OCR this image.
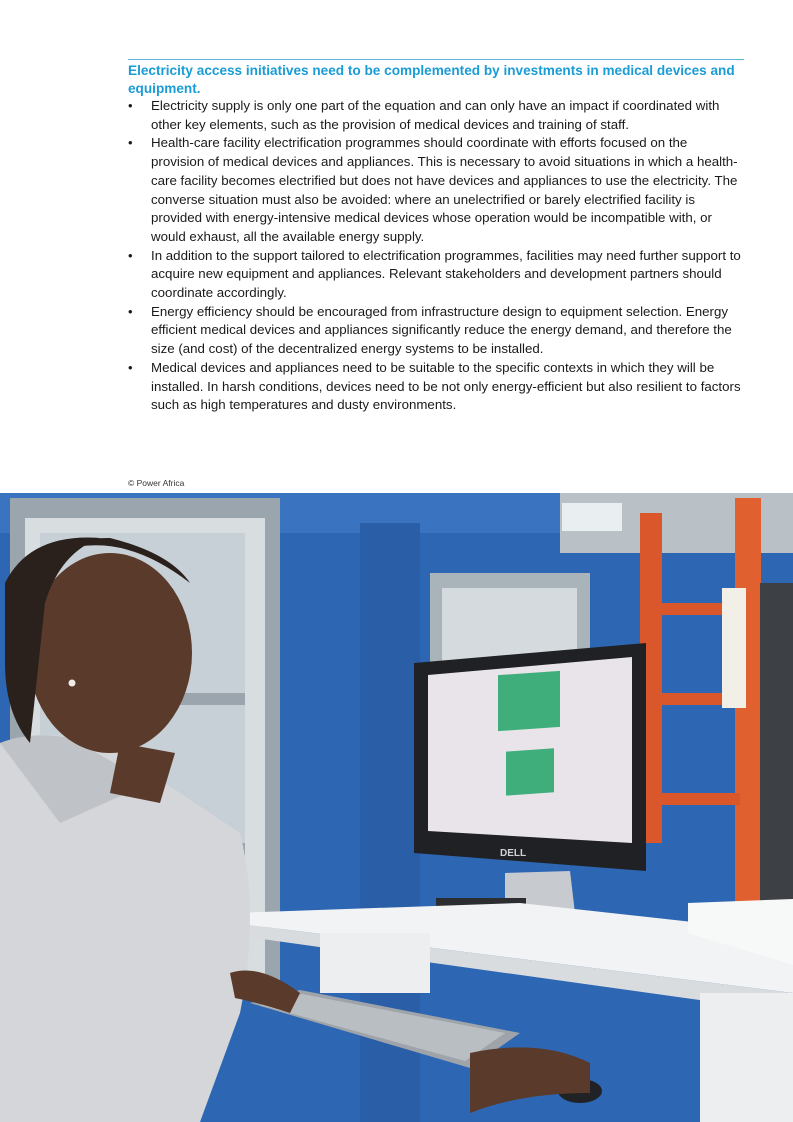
Electricity access initiatives need to be complemented by investments in medical devices and equipment.
• Electricity supply is only one part of the equation and can only have an impact if coordinated with other key elements, such as the provision of medical devices and training of staff.
• Health-care facility electrification programmes should coordinate with efforts focused on the provision of medical devices and appliances. This is necessary to avoid situations in which a health-care facility becomes electrified but does not have devices and appliances to use the electricity. The converse situation must also be avoided: where an unelectrified or barely electrified facility is provided with energy-intensive medical devices whose operation would be incompatible with, or would exhaust, all the available energy supply.
• In addition to the support tailored to electrification programmes, facilities may need further support to acquire new equipment and appliances. Relevant stakeholders and development partners should coordinate accordingly.
• Energy efficiency should be encouraged from infrastructure design to equipment selection. Energy efficient medical devices and appliances significantly reduce the energy demand, and therefore the size (and cost) of the decentralized energy systems to be installed.
• Medical devices and appliances need to be suitable to the specific contexts in which they will be installed. In harsh conditions, devices need to be not only energy-efficient but also resilient to factors such as high temperatures and dusty environments.
© Power Africa
DELL
